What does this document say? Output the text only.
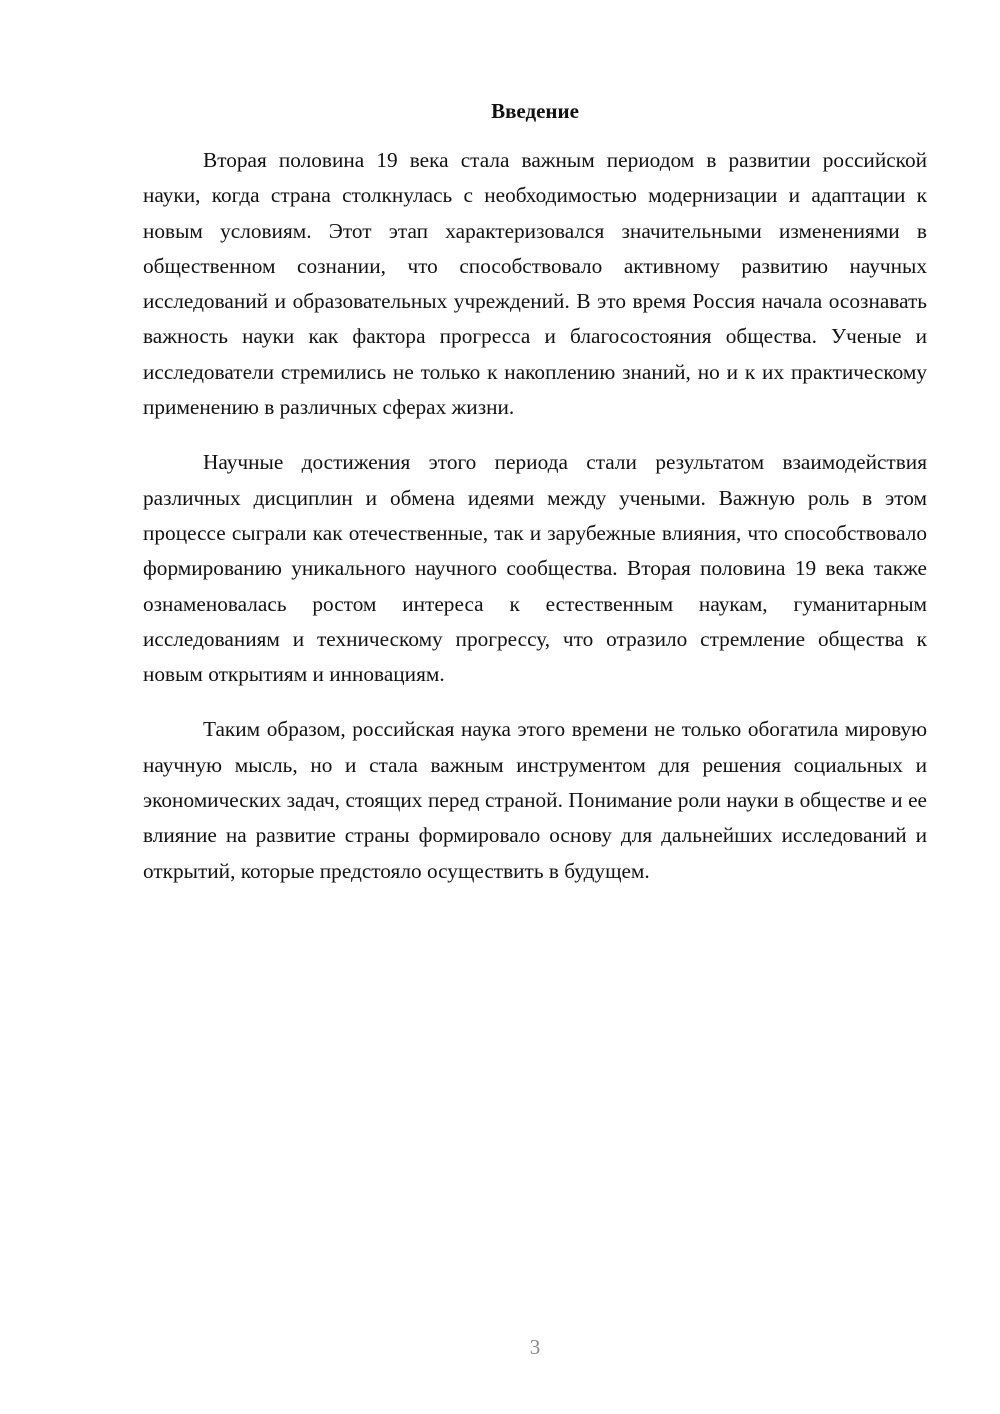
Введение

Вторая половина 19 века стала важным периодом в развитии российской науки, когда страна столкнулась с необходимостью модернизации и адаптации к новым условиям. Этот этап характеризовался значительными изменениями в общественном сознании, что способствовало активному развитию научных исследований и образовательных учреждений. В это время Россия начала осознавать важность науки как фактора прогресса и благосостояния общества. Ученые и исследователи стремились не только к накоплению знаний, но и к их практическому применению в различных сферах жизни.

Научные достижения этого периода стали результатом взаимодействия различных дисциплин и обмена идеями между учеными. Важную роль в этом процессе сыграли как отечественные, так и зарубежные влияния, что способствовало формированию уникального научного сообщества. Вторая половина 19 века также ознаменовалась ростом интереса к естественным наукам, гуманитарным исследованиям и техническому прогрессу, что отразило стремление общества к новым открытиям и инновациям.

Таким образом, российская наука этого времени не только обогатила мировую научную мысль, но и стала важным инструментом для решения социальных и экономических задач, стоящих перед страной. Понимание роли науки в обществе и ее влияние на развитие страны формировало основу для дальнейших исследований и открытий, которые предстояло осуществить в будущем.

3
